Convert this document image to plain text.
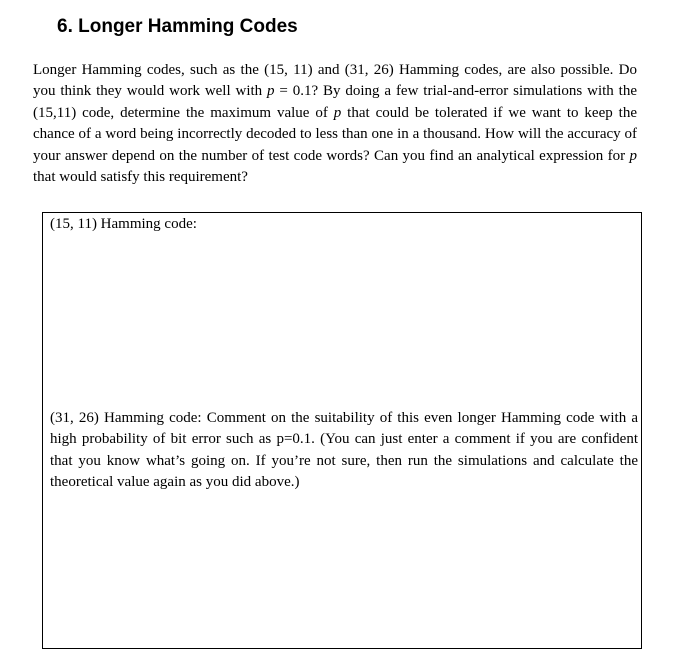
6. Longer Hamming Codes
Longer Hamming codes, such as the (15, 11) and (31, 26) Hamming codes, are also possible. Do you think they would work well with p = 0.1? By doing a few trial-and-error simulations with the (15,11) code, determine the maximum value of p that could be tolerated if we want to keep the chance of a word being incorrectly decoded to less than one in a thousand. How will the accuracy of your answer depend on the number of test code words? Can you find an analytical expression for p that would satisfy this requirement?
(15, 11) Hamming code:
(31, 26) Hamming code: Comment on the suitability of this even longer Hamming code with a high probability of bit error such as p=0.1. (You can just enter a comment if you are confident that you know what’s going on. If you’re not sure, then run the simulations and calculate the theoretical value again as you did above.)
